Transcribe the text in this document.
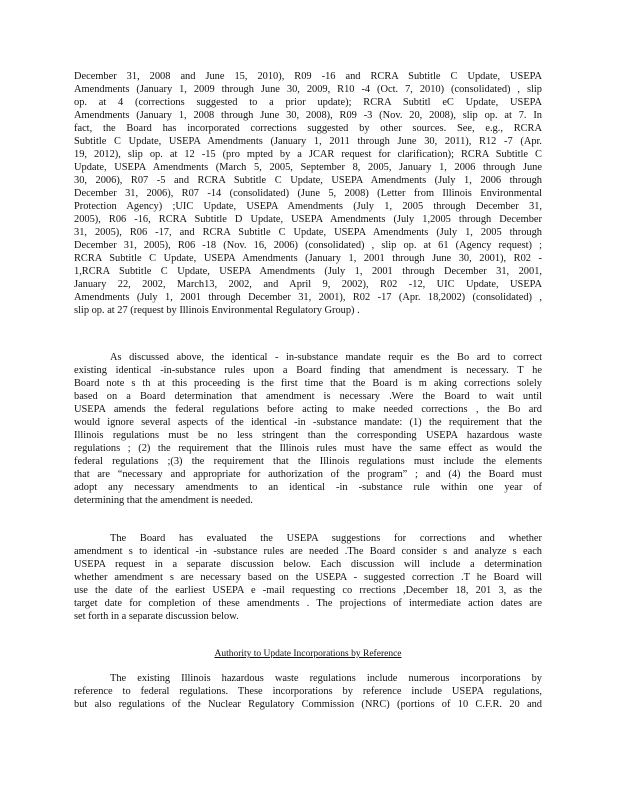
December 31, 2008 and June 15, 2010), R09 -16 and RCRA Subtitle C Update, USEPA
Amendments (January 1, 2009 through June 30, 2009, R10 -4 (Oct. 7, 2010) (consolidated) , slip
op. at 4 (corrections suggested to a prior update); RCRA Subtitl eC Update, USEPA
Amendments (January 1, 2008 through June 30, 2008), R09 -3 (Nov. 20, 2008), slip op. at 7. In
fact, the Board has incorporated corrections suggested by other sources. See, e.g., RCRA
Subtitle C Update, USEPA Amendments (January 1, 2011 through June 30, 2011), R12 -7 (Apr.
19, 2012), slip op. at 12 -15 (pro mpted by a JCAR request for clarification); RCRA Subtitle C
Update, USEPA Amendments (March 5, 2005, September 8, 2005, January 1, 2006 through June
30, 2006), R07 -5 and RCRA Subtitle C Update, USEPA Amendments (July 1, 2006 through
December 31, 2006), R07 -14 (consolidated) (June 5, 2008) (Letter from Illinois Environmental
Protection Agency) ;UIC Update, USEPA Amendments (July 1, 2005 through December 31,
2005), R06 -16, RCRA Subtitle D Update, USEPA Amendments (July 1,2005 through December
31, 2005), R06 -17, and RCRA Subtitle C Update, USEPA Amendments (July 1, 2005 through
December 31, 2005), R06 -18 (Nov. 16, 2006) (consolidated) , slip op. at 61 (Agency request) ;
RCRA Subtitle C Update, USEPA Amendments (January 1, 2001 through June 30, 2001), R02 -
1,RCRA Subtitle C Update, USEPA Amendments (July 1, 2001 through December 31, 2001,
January 22, 2002, March13, 2002, and April 9, 2002), R02 -12, UIC Update, USEPA
Amendments (July 1, 2001 through December 31, 2001), R02 -17 (Apr. 18,2002) (consolidated) ,
slip op. at 27 (request by Illinois Environmental Regulatory Group) .
As discussed above, the identical - in-substance mandate requir es the Bo ard to correct
existing identical -in-substance rules upon a Board finding that amendment is necessary. T he
Board note s th at this proceeding is the first time that the Board is m aking corrections solely
based on a Board determination that amendment is necessary .Were the Board to wait until
USEPA amends the federal regulations before acting to make needed corrections , the Bo ard
would ignore several aspects of the identical -in -substance mandate: (1) the requirement that the
Illinois regulations must be no less stringent than the corresponding USEPA hazardous waste
regulations ; (2) the requirement that the Illinois rules must have the same effect as would the
federal regulations ;(3) the requirement that the Illinois regulations must include the elements
that are “necessary and appropriate for authorization of the program” ; and (4) the Board must
adopt any necessary amendments to an identical -in -substance rule within one year of
determining that the amendment is needed.
The Board has evaluated the USEPA suggestions for corrections and whether
amendment s to identical -in -substance rules are needed .The Board consider s and analyze s each
USEPA request in a separate discussion below. Each discussion will include a determination
whether amendment s are necessary based on the USEPA - suggested correction .T he Board will
use the date of the earliest USEPA e -mail requesting co rrections ,December 18, 201 3, as the
target date for completion of these amendments . The projections of intermediate action dates are
set forth in a separate discussion below.
Authority to Update Incorporations by Reference
The existing Illinois hazardous waste regulations include numerous incorporations by
reference to federal regulations. These incorporations by reference include USEPA regulations,
but also regulations of the Nuclear Regulatory Commission (NRC) (portions of 10 C.F.R. 20 and
